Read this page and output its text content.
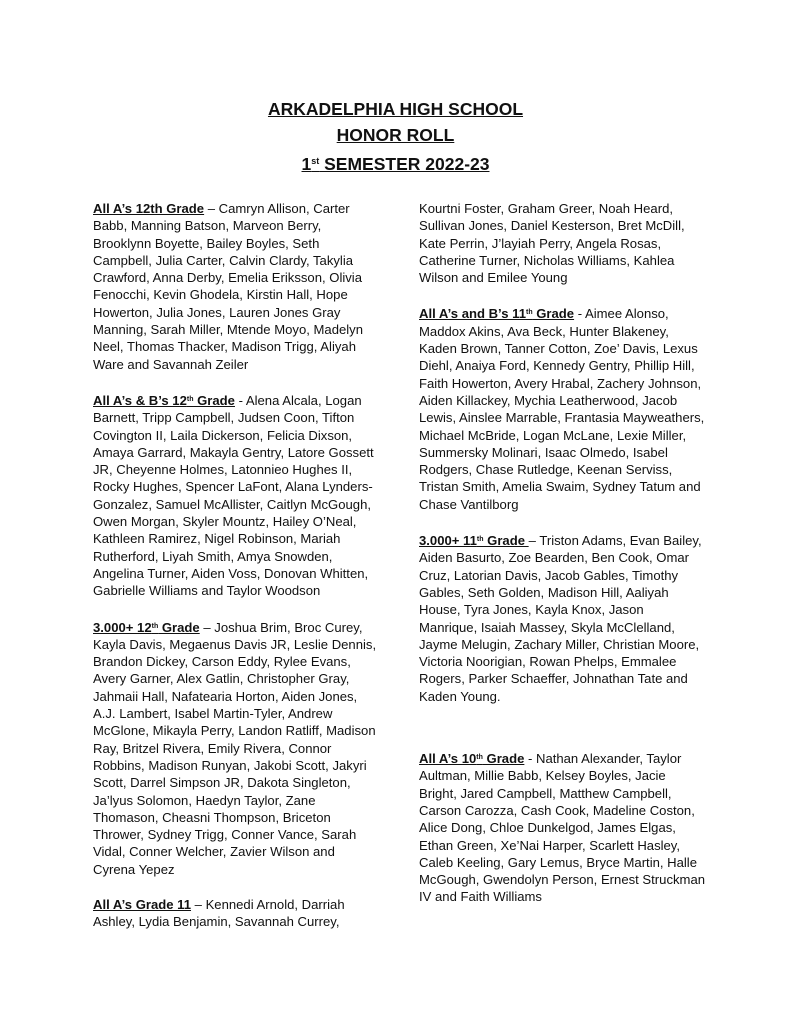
ARKADELPHIA HIGH SCHOOL
HONOR ROLL
1st SEMESTER 2022-23

All A’s 12th Grade – Camryn Allison, Carter Babb, Manning Batson, Marveon Berry, Brooklynn Boyette, Bailey Boyles, Seth Campbell, Julia Carter, Calvin Clardy, Takylia Crawford, Anna Derby, Emelia Eriksson, Olivia Fenocchi, Kevin Ghodela, Kirstin Hall, Hope Howerton, Julia Jones, Lauren Jones Gray Manning, Sarah Miller, Mtende Moyo, Madelyn Neel, Thomas Thacker, Madison Trigg, Aliyah Ware and Savannah Zeiler

All A’s & B’s 12th Grade - Alena Alcala, Logan Barnett, Tripp Campbell, Judsen Coon, Tifton Covington II, Laila Dickerson, Felicia Dixson, Amaya Garrard, Makayla Gentry, Latore Gossett JR, Cheyenne Holmes, Latonnieo Hughes II, Rocky Hughes, Spencer LaFont, Alana Lynders-Gonzalez, Samuel McAllister, Caitlyn McGough, Owen Morgan, Skyler Mountz, Hailey O’Neal, Kathleen Ramirez, Nigel Robinson, Mariah Rutherford, Liyah Smith, Amya Snowden, Angelina Turner, Aiden Voss, Donovan Whitten, Gabrielle Williams and Taylor Woodson

3.000+ 12th Grade – Joshua Brim, Broc Curey, Kayla Davis, Megaenus Davis JR, Leslie Dennis, Brandon Dickey, Carson Eddy, Rylee Evans, Avery Garner, Alex Gatlin, Christopher Gray, Jahmaii Hall, Nafatearia Horton, Aiden Jones, A.J. Lambert, Isabel Martin-Tyler, Andrew McGlone, Mikayla Perry, Landon Ratliff, Madison Ray, Britzel Rivera, Emily Rivera, Connor Robbins, Madison Runyan, Jakobi Scott, Jakyri Scott, Darrel Simpson JR, Dakota Singleton, Ja’lyus Solomon, Haedyn Taylor, Zane Thomason, Cheasni Thompson, Briceton Thrower, Sydney Trigg, Conner Vance, Sarah Vidal, Conner Welcher, Zavier Wilson and Cyrena Yepez

All A’s Grade 11 – Kennedi Arnold, Darriah Ashley, Lydia Benjamin, Savannah Currey,

Kourtni Foster, Graham Greer, Noah Heard, Sullivan Jones, Daniel Kesterson, Bret McDill, Kate Perrin, J’layiah Perry, Angela Rosas, Catherine Turner, Nicholas Williams, Kahlea Wilson and Emilee Young

All A’s and B’s 11th Grade - Aimee Alonso, Maddox Akins, Ava Beck, Hunter Blakeney, Kaden Brown, Tanner Cotton, Zoe’ Davis, Lexus Diehl, Anaiya Ford, Kennedy Gentry, Phillip Hill, Faith Howerton, Avery Hrabal, Zachery Johnson, Aiden Killackey, Mychia Leatherwood, Jacob Lewis, Ainslee Marrable, Frantasia Mayweathers, Michael McBride, Logan McLane, Lexie Miller, Summersky Molinari, Isaac Olmedo, Isabel Rodgers, Chase Rutledge, Keenan Serviss, Tristan Smith, Amelia Swaim, Sydney Tatum and Chase Vantilborg

3.000+ 11th Grade – Triston Adams, Evan Bailey, Aiden Basurto, Zoe Bearden, Ben Cook, Omar Cruz, Latorian Davis, Jacob Gables, Timothy Gables, Seth Golden, Madison Hill, Aaliyah House, Tyra Jones, Kayla Knox, Jason Manrique, Isaiah Massey, Skyla McClelland, Jayme Melugin, Zachary Miller, Christian Moore, Victoria Noorigian, Rowan Phelps, Emmalee Rogers, Parker Schaeffer, Johnathan Tate and Kaden Young.

All A’s 10th Grade - Nathan Alexander, Taylor Aultman, Millie Babb, Kelsey Boyles, Jacie Bright, Jared Campbell, Matthew Campbell, Carson Carozza, Cash Cook, Madeline Coston, Alice Dong, Chloe Dunkelgod, James Elgas, Ethan Green, Xe’Nai Harper, Scarlett Hasley, Caleb Keeling, Gary Lemus, Bryce Martin, Halle McGough, Gwendolyn Person, Ernest Struckman IV and Faith Williams
